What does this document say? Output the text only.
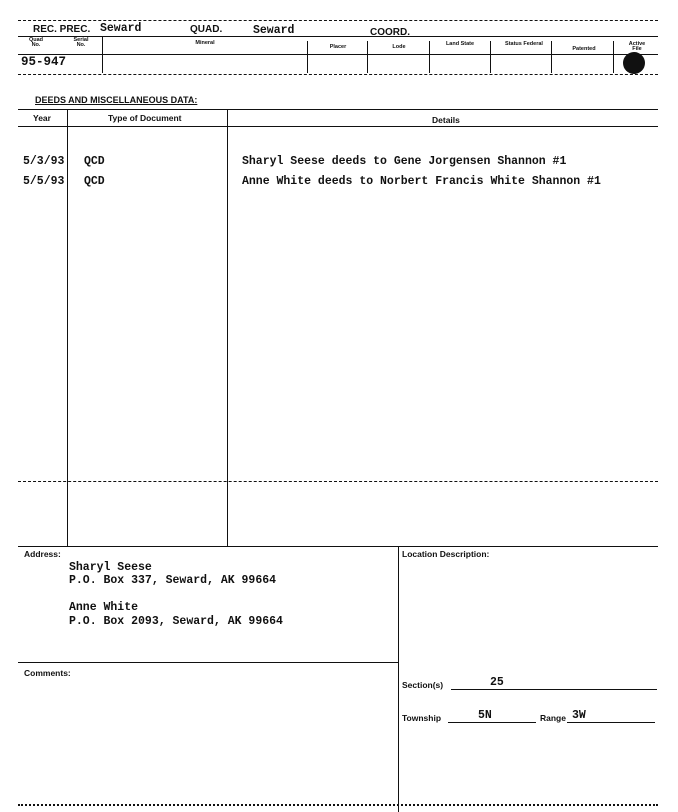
REC. PREC. Seward	QUAD.	Seward	COORD.
Quad No.
Serial No.	Mineral
Placer	Lode	Land State	Status Federal
Patented
Active File
95-947
DEEDS AND MISCELLANEOUS DATA:
Year	Type of Document	Details
5/3/93 QCD	Sharyl Seese deeds to Gene Jorgensen Shannon #1
5/5/93 QCD	Anne White deeds to Norbert Francis White Shannon #1
Address:
Sharyl Seese
P.O. Box 337, Seward, AK 99664
Anne White
P.O. Box 2093, Seward, AK 99664
Location Description:
Section(s)	25
Township	5N	Range 3W
Comments:
